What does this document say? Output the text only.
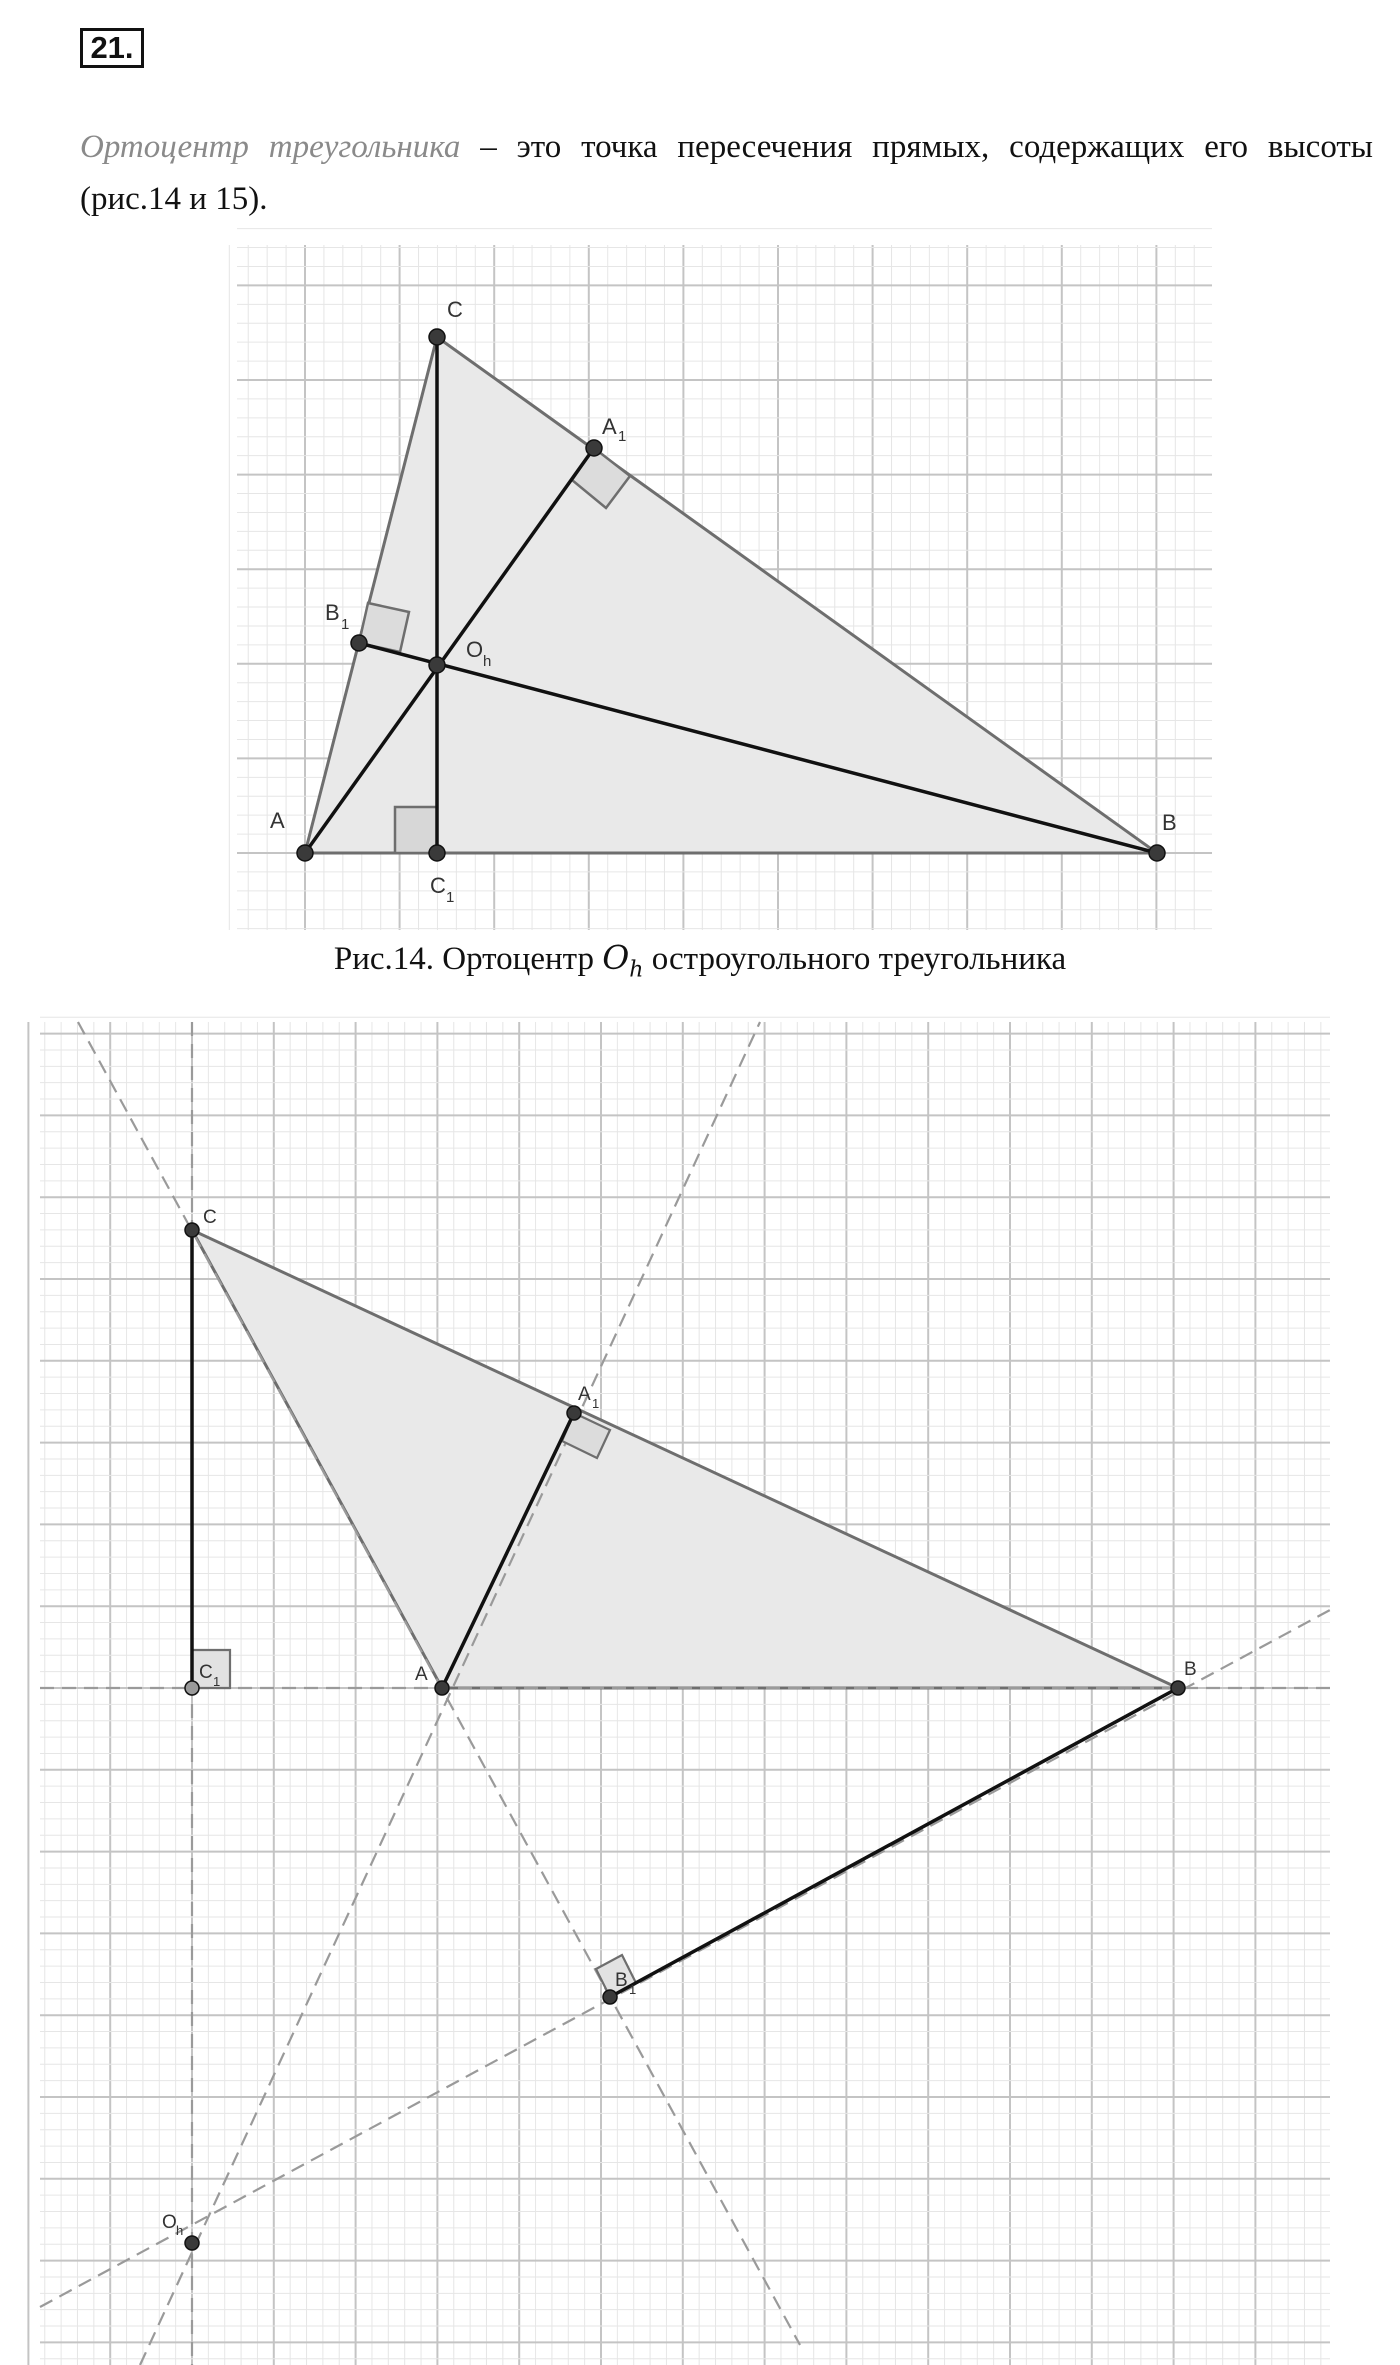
21.

Ортоцентр треугольника – это точка пересечения прямых, содержащих его высоты (рис.14 и 15).

A	B
C
A 1
B 1
C 1
O h
Рис.14. Ортоцентр $O_h$ остроугольного треугольника
A	B
C
A 1
B 1
C 1
O h
